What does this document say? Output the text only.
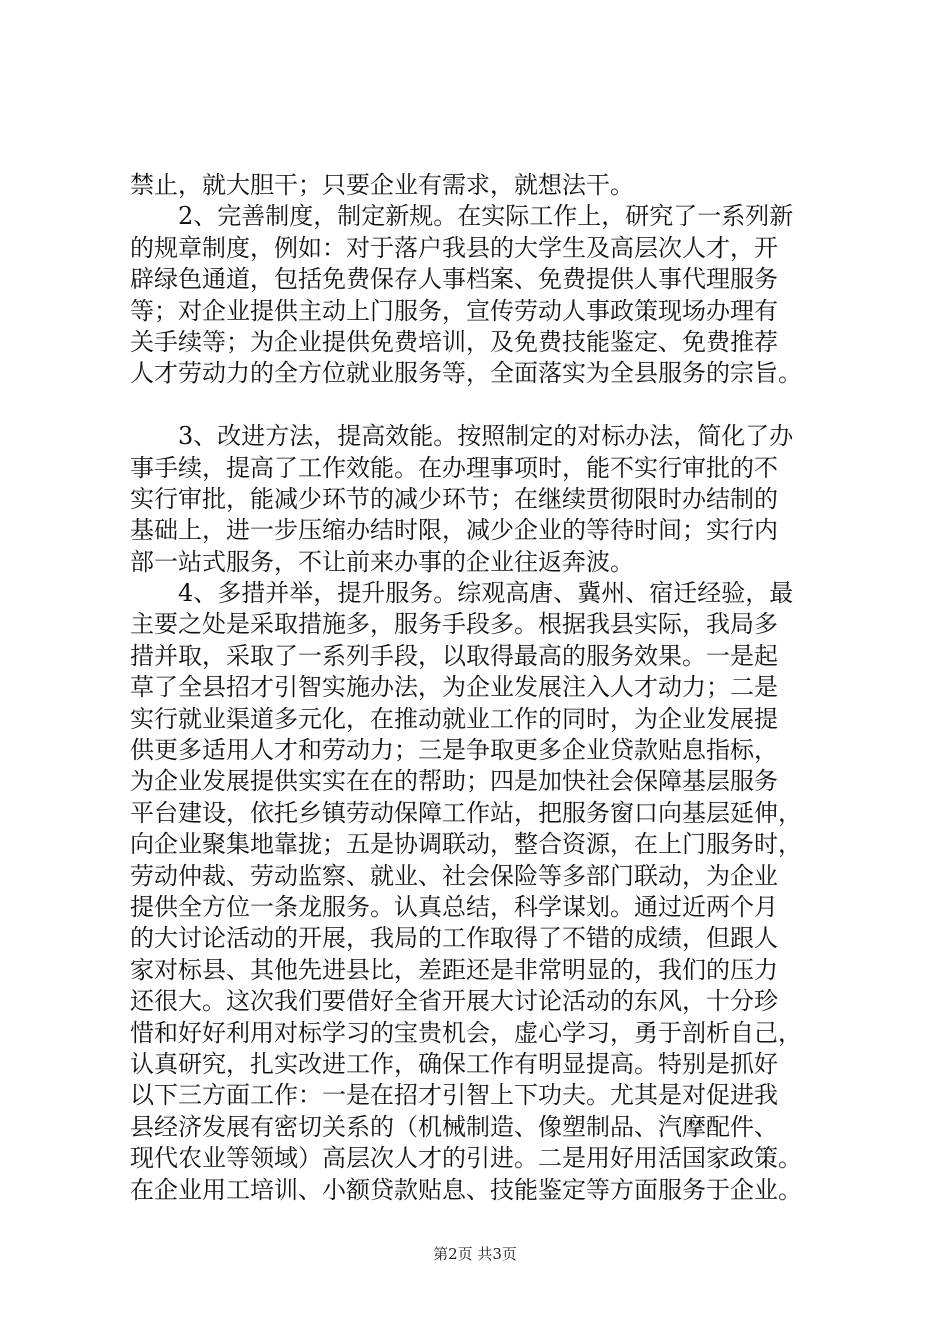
禁止，就大胆干；只要企业有需求，就想法干。
　　2、完善制度，制定新规。在实际工作上，研究了一系列新
的规章制度，例如：对于落户我县的大学生及高层次人才，开
辟绿色通道，包括免费保存人事档案、免费提供人事代理服务
等；对企业提供主动上门服务，宣传劳动人事政策现场办理有
关手续等；为企业提供免费培训，及免费技能鉴定、免费推荐
人才劳动力的全方位就业服务等，全面落实为全县服务的宗旨。
　　3、改进方法，提高效能。按照制定的对标办法，简化了办
事手续，提高了工作效能。在办理事项时，能不实行审批的不
实行审批，能减少环节的减少环节；在继续贯彻限时办结制的
基础上，进一步压缩办结时限，减少企业的等待时间；实行内
部一站式服务，不让前来办事的企业往返奔波。
　　4、多措并举，提升服务。综观高唐、冀州、宿迁经验，最
主要之处是采取措施多，服务手段多。根据我县实际，我局多
措并取，采取了一系列手段，以取得最高的服务效果。一是起
草了全县招才引智实施办法，为企业发展注入人才动力；二是
实行就业渠道多元化，在推动就业工作的同时，为企业发展提
供更多适用人才和劳动力；三是争取更多企业贷款贴息指标，
为企业发展提供实实在在的帮助；四是加快社会保障基层服务
平台建设，依托乡镇劳动保障工作站，把服务窗口向基层延伸，
向企业聚集地靠拢；五是协调联动，整合资源，在上门服务时，
劳动仲裁、劳动监察、就业、社会保险等多部门联动，为企业
提供全方位一条龙服务。认真总结，科学谋划。通过近两个月
的大讨论活动的开展，我局的工作取得了不错的成绩，但跟人
家对标县、其他先进县比，差距还是非常明显的，我们的压力
还很大。这次我们要借好全省开展大讨论活动的东风，十分珍
惜和好好利用对标学习的宝贵机会，虚心学习，勇于剖析自己，
认真研究，扎实改进工作，确保工作有明显提高。特别是抓好
以下三方面工作：一是在招才引智上下功夫。尤其是对促进我
县经济发展有密切关系的（机械制造、像塑制品、汽摩配件、
现代农业等领域）高层次人才的引进。二是用好用活国家政策。
在企业用工培训、小额贷款贴息、技能鉴定等方面服务于企业。
第2页 共3页
